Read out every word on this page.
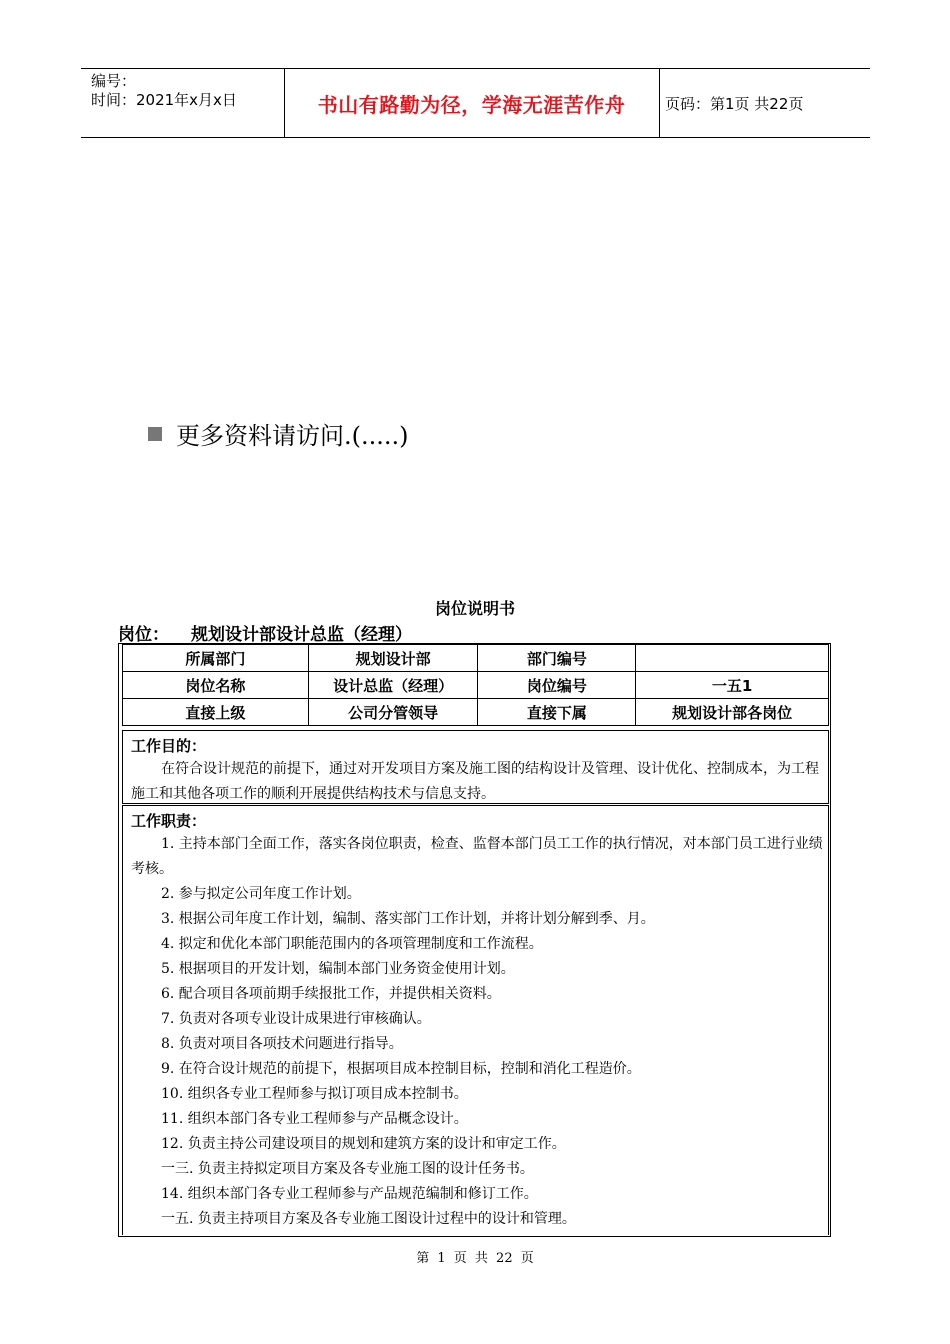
编号：
时间：2021年x月x日	书山有路勤为径，学海无涯苦作舟	页码：第1页 共22页
更多资料请访问.(.....)
岗位说明书
岗位： 规划设计部设计总监（经理）
所属部门	规划设计部	部门编号	
岗位名称	设计总监（经理）	岗位编号	一五1
直接上级	公司分管领导	直接下属	规划设计部各岗位
工作目的：
在符合设计规范的前提下，通过对开发项目方案及施工图的结构设计及管理、设计优化、控制成本，为工程施工和其他各项工作的顺利开展提供结构技术与信息支持。
工作职责：
1. 主持本部门全面工作，落实各岗位职责，检查、监督本部门员工工作的执行情况，对本部门员工进行业绩考核。
2. 参与拟定公司年度工作计划。
3. 根据公司年度工作计划，编制、落实部门工作计划，并将计划分解到季、月。
4. 拟定和优化本部门职能范围内的各项管理制度和工作流程。
5. 根据项目的开发计划，编制本部门业务资金使用计划。
6. 配合项目各项前期手续报批工作，并提供相关资料。
7. 负责对各项专业设计成果进行审核确认。
8. 负责对项目各项技术问题进行指导。
9. 在符合设计规范的前提下，根据项目成本控制目标，控制和消化工程造价。
10. 组织各专业工程师参与拟订项目成本控制书。
11. 组织本部门各专业工程师参与产品概念设计。
12. 负责主持公司建设项目的规划和建筑方案的设计和审定工作。
一三. 负责主持拟定项目方案及各专业施工图的设计任务书。
14. 组织本部门各专业工程师参与产品规范编制和修订工作。
一五. 负责主持项目方案及各专业施工图设计过程中的设计和管理。
第 1 页 共 22 页
